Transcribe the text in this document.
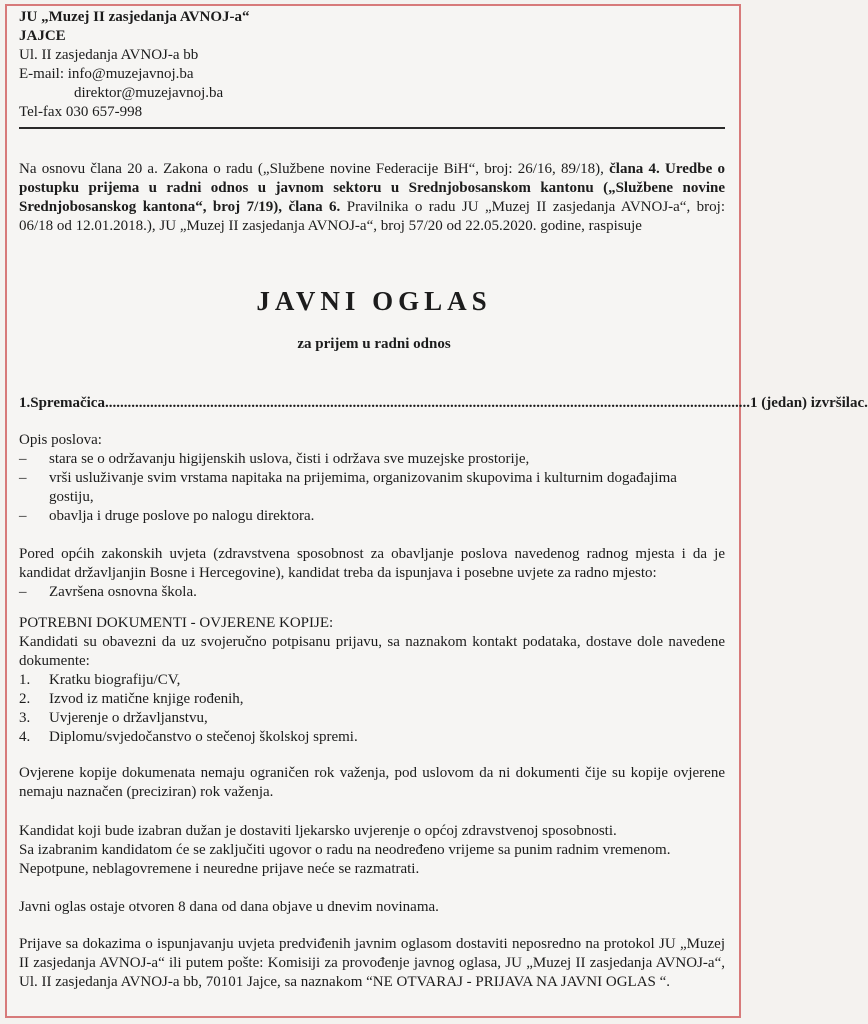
JU „Muzej II zasjedanja AVNOJ-a“
JAJCE
Ul. II zasjedanja AVNOJ-a bb
E-mail: info@muzejavnoj.ba
direktor@muzejavnoj.ba
Tel-fax 030 657-998
Na osnovu člana 20 a. Zakona o radu („Službene novine Federacije BiH“, broj: 26/16, 89/18), člana 4. Uredbe o postupku prijema u radni odnos u javnom sektoru u Srednjobosanskom kantonu („Službene novine Srednjobosanskog kantona“, broj 7/19), člana 6. Pravilnika o radu JU „Muzej II zasjedanja AVNOJ-a“, broj: 06/18 od 12.01.2018.), JU „Muzej II zasjedanja AVNOJ-a“, broj 57/20 od 22.05.2020. godine, raspisuje
JAVNI OGLAS
za prijem u radni odnos
1. Spremačica ............................................................................................................................................................................ 1 (jedan) izvršilac.
Opis poslova:
–	stara se o održavanju higijenskih uslova, čisti i održava sve muzejske prostorije,
–	vrši usluživanje svim vrstama napitaka na prijemima, organizovanim skupovima i kulturnim događajima gostiju,
–	obavlja i druge poslove po nalogu direktora.
Pored općih zakonskih uvjeta (zdravstvena sposobnost za obavljanje poslova navedenog radnog mjesta i da je kandidat državljanjin Bosne i Hercegovine), kandidat treba da ispunjava i posebne uvjete za radno mjesto:
–	Završena osnovna škola.
POTREBNI DOKUMENTI - OVJERENE KOPIJE:
Kandidati su obavezni da uz svojeručno potpisanu prijavu, sa naznakom kontakt podataka, dostave dole navedene dokumente:
1.	Kratku biografiju/CV,
2.	Izvod iz matične knjige rođenih,
3.	Uvjerenje o državljanstvu,
4.	Diplomu/svjedočanstvo o stečenoj školskoj spremi.
Ovjerene kopije dokumenata nemaju ograničen rok važenja, pod uslovom da ni dokumenti čije su kopije ovjerene nemaju naznačen (preciziran) rok važenja.
Kandidat koji bude izabran dužan je dostaviti ljekarsko uvjerenje o općoj zdravstvenoj sposobnosti.
Sa izabranim kandidatom će se zaključiti ugovor o radu na neodređeno vrijeme sa punim radnim vremenom.
Nepotpune, neblagovremene i neuredne prijave neće se razmatrati.
Javni oglas ostaje otvoren 8 dana od dana objave u dnevim novinama.
Prijave sa dokazima o ispunjavanju uvjeta predviđenih javnim oglasom dostaviti neposredno na protokol JU „Muzej II zasjedanja AVNOJ-a“ ili putem pošte: Komisiji za provođenje javnog oglasa, JU „Muzej II zasjedanja AVNOJ-a“, Ul. II zasjedanja AVNOJ-a bb, 70101 Jajce, sa naznakom “NE OTVARAJ - PRIJAVA NA JAVNI OGLAS “.
